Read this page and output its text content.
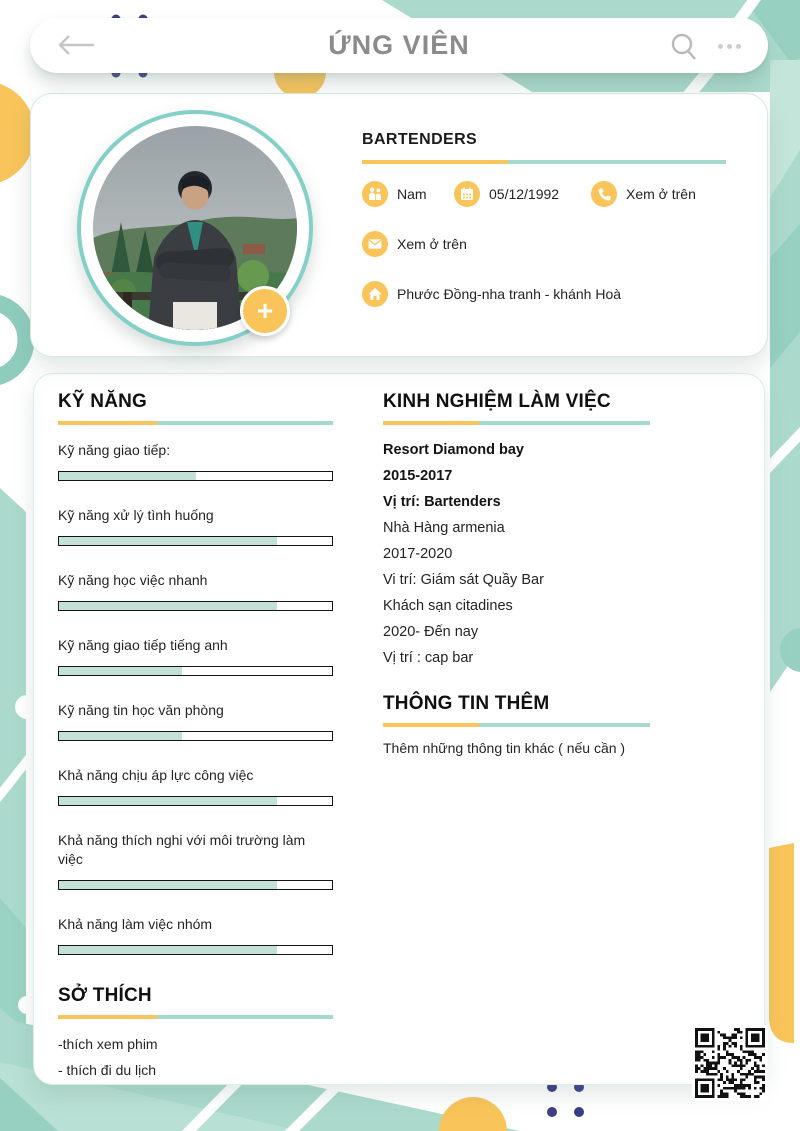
ỨNG VIÊN
+
BARTENDERS
Nam	05/12/1992	Xem ở trên
Xem ở trên
Phước Đồng-nha tranh - khánh Hoà
KỸ NĂNG
Kỹ năng giao tiếp:
Kỹ năng xử lý tình huống
Kỹ năng học việc nhanh
Kỹ năng giao tiếp tiếng anh
Kỹ năng tin học văn phòng
Khả năng chịu áp lực công việc
Khả năng thích nghi với môi trường làm việc
Khả năng làm việc nhóm
SỞ THÍCH
-thích xem phim
- thích đi du lịch
KINH NGHIỆM LÀM VIỆC

Resort Diamond bay

2015-2017

Vị trí: Bartenders

Nhà Hàng armenia

2017-2020

Vi trí: Giám sát Quầy Bar

Khách sạn citadines

2020- Đến nay

Vị trí : cap bar

THÔNG TIN THÊM
Thêm những thông tin khác ( nếu cần )
